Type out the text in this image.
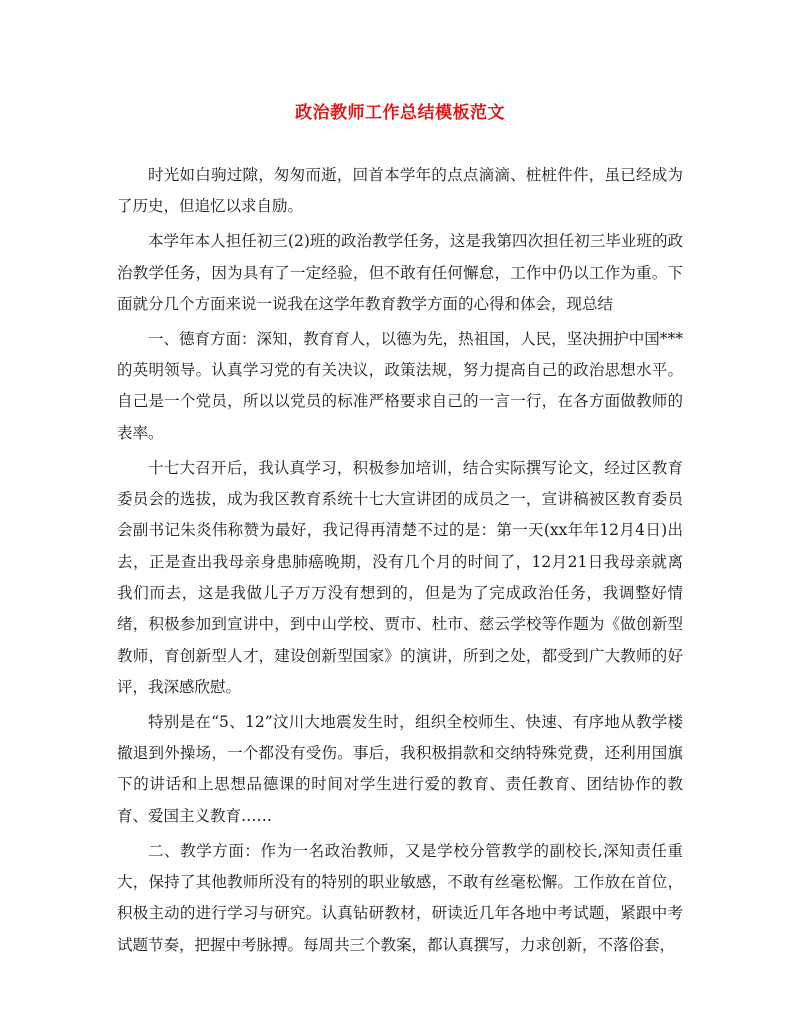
政治教师工作总结模板范文

时光如白驹过隙，匆匆而逝，回首本学年的点点滴滴、桩桩件件，虽已经成为了历史，但追忆以求自励。

本学年本人担任初三(2)班的政治教学任务，这是我第四次担任初三毕业班的政治教学任务，因为具有了一定经验，但不敢有任何懈怠，工作中仍以工作为重。下面就分几个方面来说一说我在这学年教育教学方面的心得和体会，现总结

一、德育方面：深知，教育育人，以德为先，热祖国，人民，坚决拥护中国***的英明领导。认真学习党的有关决议，政策法规，努力提高自己的政治思想水平。自己是一个党员，所以以党员的标准严格要求自己的一言一行，在各方面做教师的表率。

十七大召开后，我认真学习，积极参加培训，结合实际撰写论文，经过区教育委员会的选拔，成为我区教育系统十七大宣讲团的成员之一，宣讲稿被区教育委员会副书记朱炎伟称赞为最好，我记得再清楚不过的是：第一天(xx年年12月4日)出去，正是查出我母亲身患肺癌晚期，没有几个月的时间了，12月21日我母亲就离我们而去，这是我做儿子万万没有想到的，但是为了完成政治任务，我调整好情绪，积极参加到宣讲中，到中山学校、贾市、杜市、慈云学校等作题为《做创新型教师，育创新型人才，建设创新型国家》的演讲，所到之处，都受到广大教师的好评，我深感欣慰。

特别是在“5、12”汶川大地震发生时，组织全校师生、快速、有序地从教学楼撤退到外操场，一个都没有受伤。事后，我积极捐款和交纳特殊党费，还利用国旗下的讲话和上思想品德课的时间对学生进行爱的教育、责任教育、团结协作的教育、爱国主义教育……

二、教学方面：作为一名政治教师，又是学校分管教学的副校长,深知责任重大，保持了其他教师所没有的特别的职业敏感，不敢有丝毫松懈。工作放在首位，积极主动的进行学习与研究。认真钻研教材，研读近几年各地中考试题，紧跟中考试题节奏，把握中考脉搏。每周共三个教案，都认真撰写，力求创新，不落俗套，
